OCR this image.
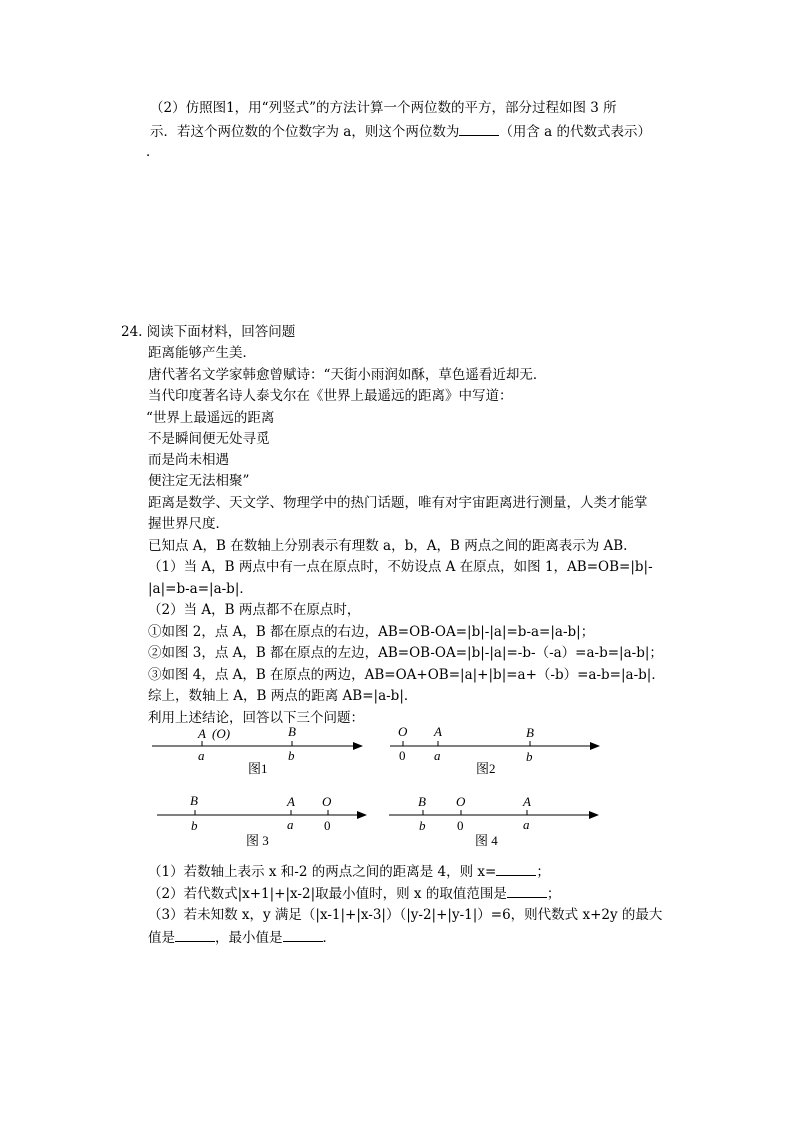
（2）仿照图1，用“列竖式”的方法计算一个两位数的平方，部分过程如图 3 所
示．若这个两位数的个位数字为 a，则这个两位数为	（用含 a 的代数式表示）
．
24. 阅读下面材料，回答问题
距离能够产生美．
唐代著名文学家韩愈曾赋诗：“天街小雨润如酥，草色遥看近却无．
当代印度著名诗人泰戈尔在《世界上最遥远的距离》中写道：
“世界上最遥远的距离
不是瞬间便无处寻觅
而是尚未相遇
便注定无法相聚”
距离是数学、天文学、物理学中的热门话题，唯有对宇宙距离进行测量，人类才能掌
握世界尺度．
已知点 A，B 在数轴上分别表示有理数 a，b，A，B 两点之间的距离表示为 AB.
（1）当 A，B 两点中有一点在原点时，不妨设点 A 在原点，如图 1，AB=OB=|b|-
|a|=b-a=|a-b|．
（2）当 A，B 两点都不在原点时，
①如图 2，点 A，B 都在原点的右边，AB=OB-OA=|b|-|a|=b-a=|a-b|；
②如图 3，点 A，B 都在原点的左边，AB=OB-OA=|b|-|a|=-b-（-a）=a-b=|a-b|；
③如图 4，点 A，B 在原点的两边，AB=OA+OB=|a|+|b|=a+（-b）=a-b=|a-b|．
综上，数轴上 A，B 两点的距离 AB=|a-b|．
利用上述结论，回答以下三个问题：
A (O)	B
a	b
图1
O A	B
0 a	b
图2
B	A O
b	a 0
图 3
B O	A
b 0	a
图 4
（1）若数轴上表示 x 和-2 的两点之间的距离是 4，则 x=	；
（2）若代数式|x+1|+|x-2|取最小值时，则 x 的取值范围是	；
（3）若未知数 x，y 满足（|x-1|+|x-3|）（|y-2|+|y-1|）=6，则代数式 x+2y 的最大
值是	，最小值是	．
